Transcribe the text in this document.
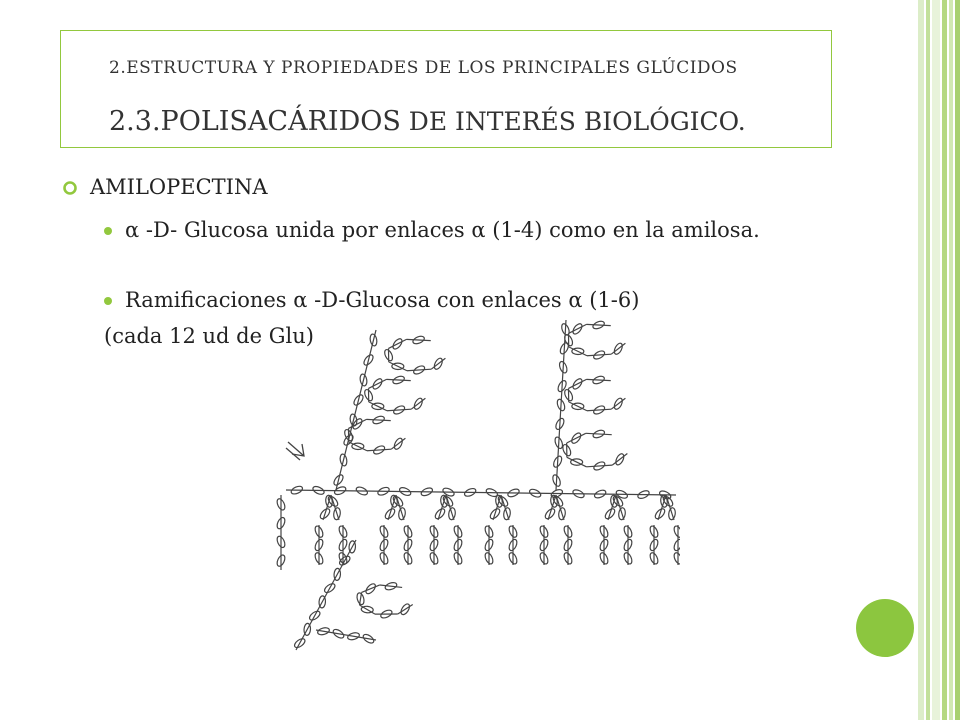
2.ESTRUCTURA Y PROPIEDADES DE LOS PRINCIPALES GLÚCIDOS
2.3.POLISACÁRIDOS DE INTERÉS BIOLÓGICO.
AMILOPECTINA
α -D- Glucosa unida por enlaces α (1-4) como en la amilosa.
Ramificaciones α -D-Glucosa con enlaces α (1-6)
(cada 12 ud de Glu)
